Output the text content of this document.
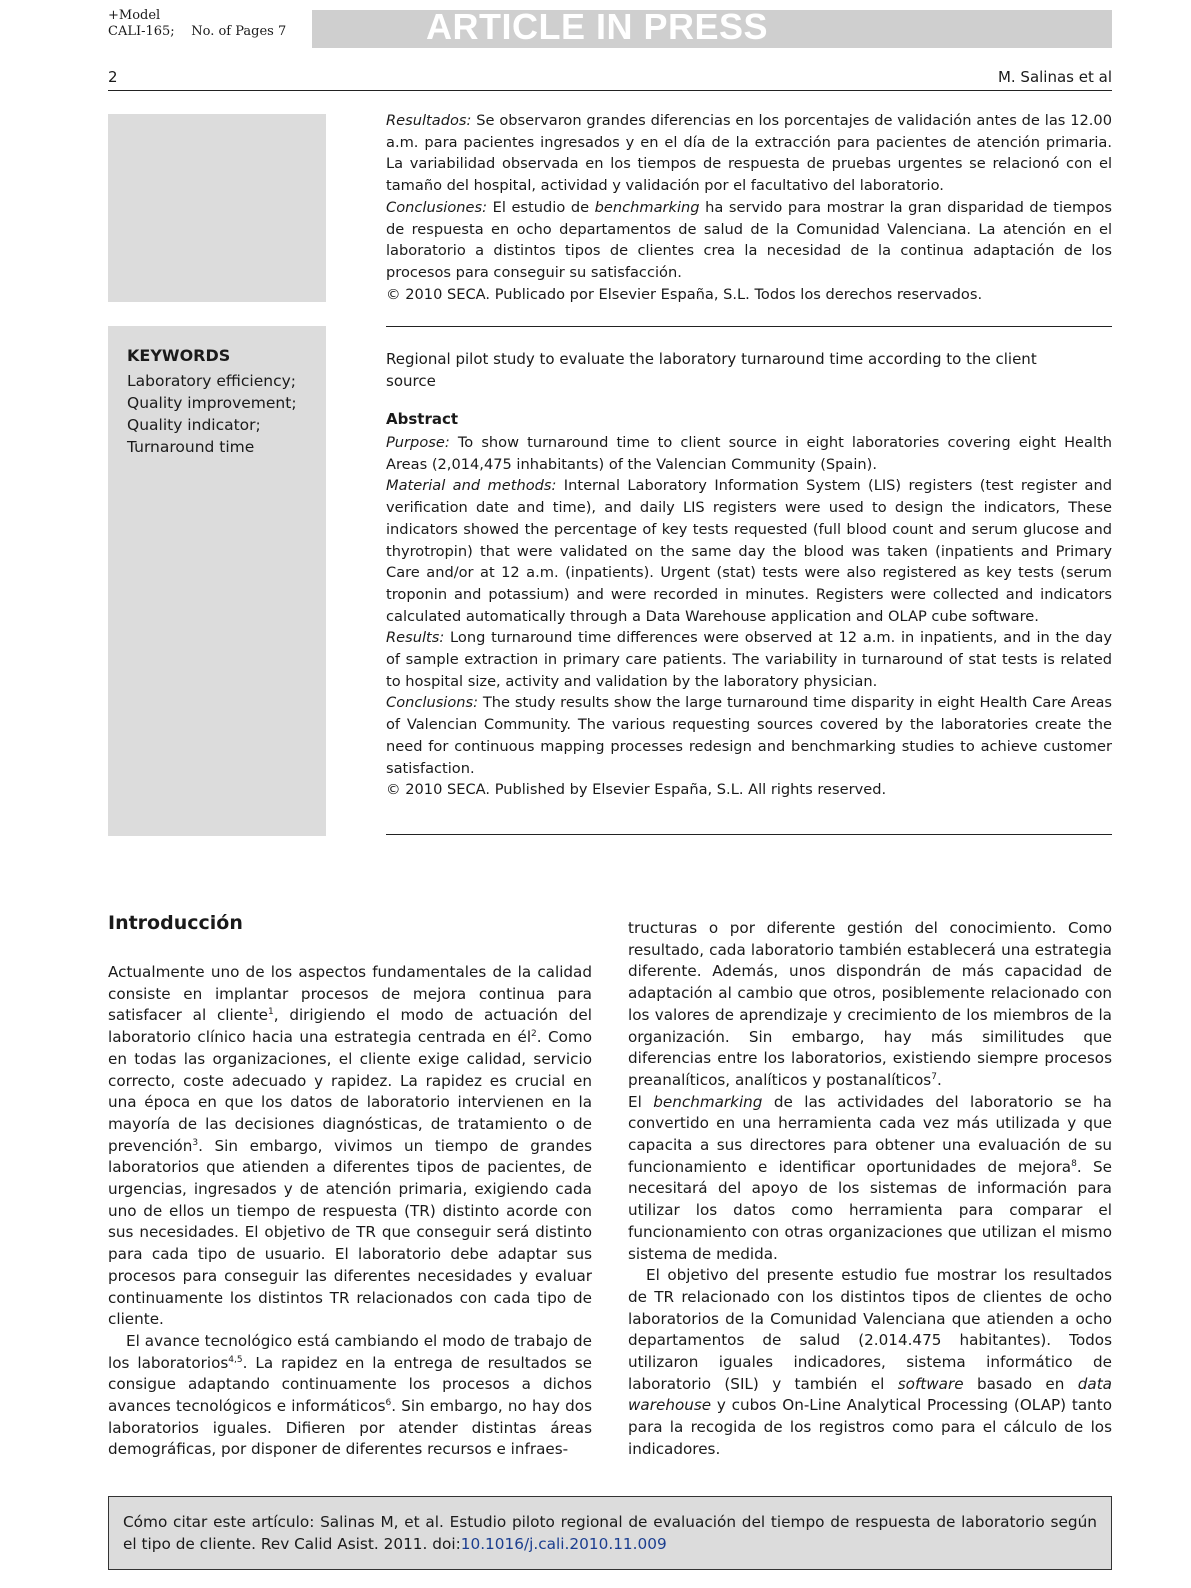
+Model
CALI-165; No. of Pages 7	ARTICLE IN PRESS
2	M. Salinas et al

Resultados: Se observaron grandes diferencias en los porcentajes de validación antes de las 12.00 a.m. para pacientes ingresados y en el día de la extracción para pacientes de atención primaria. La variabilidad observada en los tiempos de respuesta de pruebas urgentes se relacionó con el tamaño del hospital, actividad y validación por el facultativo del laboratorio.

Conclusiones: El estudio de benchmarking ha servido para mostrar la gran disparidad de tiempos de respuesta en ocho departamentos de salud de la Comunidad Valenciana. La atención en el laboratorio a distintos tipos de clientes crea la necesidad de la continua adaptación de los procesos para conseguir su satisfacción.

© 2010 SECA. Publicado por Elsevier España, S.L. Todos los derechos reservados.

KEYWORDS
Laboratory efficiency;
Quality improvement;
Quality indicator;
Turnaround time
Regional pilot study to evaluate the laboratory turnaround time according to the client source
Abstract

Purpose: To show turnaround time to client source in eight laboratories covering eight Health Areas (2,014,475 inhabitants) of the Valencian Community (Spain).

Material and methods: Internal Laboratory Information System (LIS) registers (test register and verification date and time), and daily LIS registers were used to design the indicators, These indicators showed the percentage of key tests requested (full blood count and serum glucose and thyrotropin) that were validated on the same day the blood was taken (inpatients and Primary Care and/or at 12 a.m. (inpatients). Urgent (stat) tests were also registered as key tests (serum troponin and potassium) and were recorded in minutes. Registers were collected and indicators calculated automatically through a Data Warehouse application and OLAP cube software.

Results: Long turnaround time differences were observed at 12 a.m. in inpatients, and in the day of sample extraction in primary care patients. The variability in turnaround of stat tests is related to hospital size, activity and validation by the laboratory physician.

Conclusions: The study results show the large turnaround time disparity in eight Health Care Areas of Valencian Community. The various requesting sources covered by the laboratories create the need for continuous mapping processes redesign and benchmarking studies to achieve customer satisfaction.

© 2010 SECA. Published by Elsevier España, S.L. All rights reserved.

Introducción

Actualmente uno de los aspectos fundamentales de la calidad consiste en implantar procesos de mejora continua para satisfacer al cliente$^1$, dirigiendo el modo de actuación del laboratorio clínico hacia una estrategia centrada en $él^2$. Como en todas las organizaciones, el cliente exige calidad, servicio correcto, coste adecuado y rapidez. La rapidez es crucial en una época en que los datos de laboratorio intervienen en la mayoría de las decisiones diagnósticas, de tratamiento o de prevención$^3$. Sin embargo, vivimos un tiempo de grandes laboratorios que atienden a diferentes tipos de pacientes, de urgencias, ingresados y de atención primaria, exigiendo cada uno de ellos un tiempo de respuesta (TR) distinto acorde con sus necesidades. El objetivo de TR que conseguir será distinto para cada tipo de usuario. El laboratorio debe adaptar sus procesos para conseguir las diferentes necesidades y evaluar continuamente los distintos TR relacionados con cada tipo de cliente.

El avance tecnológico está cambiando el modo de trabajo de los laboratorios$^{4,5}$. La rapidez en la entrega de resultados se consigue adaptando continuamente los procesos a dichos avances tecnológicos e informáticos$^6$. Sin embargo, no hay dos laboratorios iguales. Difieren por atender distintas áreas demográficas, por disponer de diferentes recursos e infraes-

tructuras o por diferente gestión del conocimiento. Como resultado, cada laboratorio también establecerá una estrategia diferente. Además, unos dispondrán de más capacidad de adaptación al cambio que otros, posiblemente relacionado con los valores de aprendizaje y crecimiento de los miembros de la organización. Sin embargo, hay más similitudes que diferencias entre los laboratorios, existiendo siempre procesos preanalíticos, analíticos y postanalíticos$^7$.

El benchmarking de las actividades del laboratorio se ha convertido en una herramienta cada vez más utilizada y que capacita a sus directores para obtener una evaluación de su funcionamiento e identificar oportunidades de mejora$^8$. Se necesitará del apoyo de los sistemas de información para utilizar los datos como herramienta para comparar el funcionamiento con otras organizaciones que utilizan el mismo sistema de medida.

El objetivo del presente estudio fue mostrar los resultados de TR relacionado con los distintos tipos de clientes de ocho laboratorios de la Comunidad Valenciana que atienden a ocho departamentos de salud (2.014.475 habitantes). Todos utilizaron iguales indicadores, sistema informático de laboratorio (SIL) y también el software basado en data warehouse y cubos On-Line Analytical Processing (OLAP) tanto para la recogida de los registros como para el cálculo de los indicadores.

Cómo citar este artículo: Salinas M, et al. Estudio piloto regional de evaluación del tiempo de respuesta de laboratorio según el tipo de cliente. Rev Calid Asist. 2011. doi:10.1016/j.cali.2010.11.009
